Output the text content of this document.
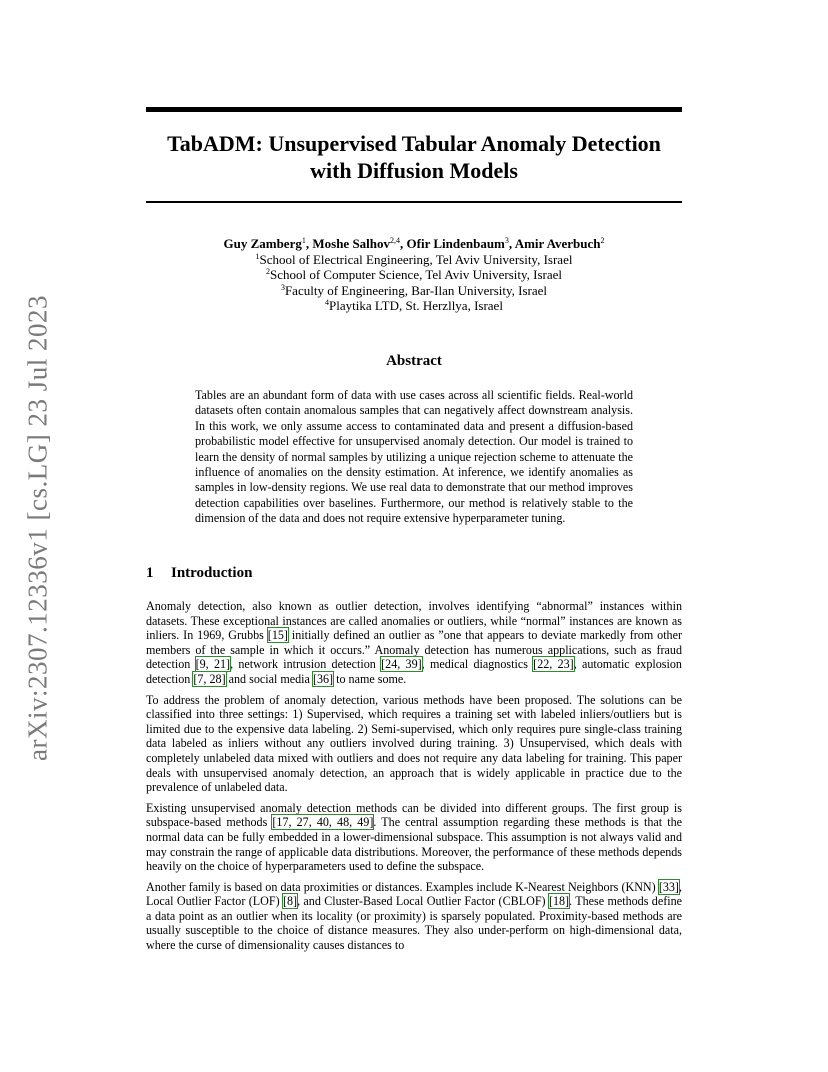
arXiv:2307.12336v1 [cs.LG] 23 Jul 2023
TabADM: Unsupervised Tabular Anomaly Detection
with Diffusion Models
Guy Zamberg$^1$, Moshe Salhov$^{2,4}$, Ofir Lindenbaum$^3$, Amir Averbuch$^2$
$^1$School of Electrical Engineering, Tel Aviv University, Israel
$^2$School of Computer Science, Tel Aviv University, Israel
$^3$Faculty of Engineering, Bar-Ilan University, Israel
$^4$Playtika LTD, St. Herzllya, Israel
Abstract

Tables are an abundant form of data with use cases across all scientific fields. Real-world datasets often contain anomalous samples that can negatively affect downstream analysis. In this work, we only assume access to contaminated data and present a diffusion-based probabilistic model effective for unsupervised anomaly detection. Our model is trained to learn the density of normal samples by utilizing a unique rejection scheme to attenuate the influence of anomalies on the density estimation. At inference, we identify anomalies as samples in low-density regions. We use real data to demonstrate that our method improves detection capabilities over baselines. Furthermore, our method is relatively stable to the dimension of the data and does not require extensive hyperparameter tuning.

1 Introduction

Anomaly detection, also known as outlier detection, involves identifying “abnormal” instances within datasets. These exceptional instances are called anomalies or outliers, while “normal” instances are known as inliers. In 1969, Grubbs [15] initially defined an outlier as ”one that appears to deviate markedly from other members of the sample in which it occurs.” Anomaly detection has numerous applications, such as fraud detection [9, 21], network intrusion detection [24, 39], medical diagnostics [22, 23], automatic explosion detection [7, 28] and social media [36] to name some.

To address the problem of anomaly detection, various methods have been proposed. The solutions can be classified into three settings: 1) Supervised, which requires a training set with labeled inliers/outliers but is limited due to the expensive data labeling. 2) Semi-supervised, which only requires pure single-class training data labeled as inliers without any outliers involved during training. 3) Unsupervised, which deals with completely unlabeled data mixed with outliers and does not require any data labeling for training. This paper deals with unsupervised anomaly detection, an approach that is widely applicable in practice due to the prevalence of unlabeled data.

Existing unsupervised anomaly detection methods can be divided into different groups. The first group is subspace-based methods [17, 27, 40, 48, 49]. The central assumption regarding these methods is that the normal data can be fully embedded in a lower-dimensional subspace. This assumption is not always valid and may constrain the range of applicable data distributions. Moreover, the performance of these methods depends heavily on the choice of hyperparameters used to define the subspace.

Another family is based on data proximities or distances. Examples include K-Nearest Neighbors (KNN) [33], Local Outlier Factor (LOF) [8], and Cluster-Based Local Outlier Factor (CBLOF) [18]. These methods define a data point as an outlier when its locality (or proximity) is sparsely populated. Proximity-based methods are usually susceptible to the choice of distance measures. They also under-perform on high-dimensional data, where the curse of dimensionality causes distances to
